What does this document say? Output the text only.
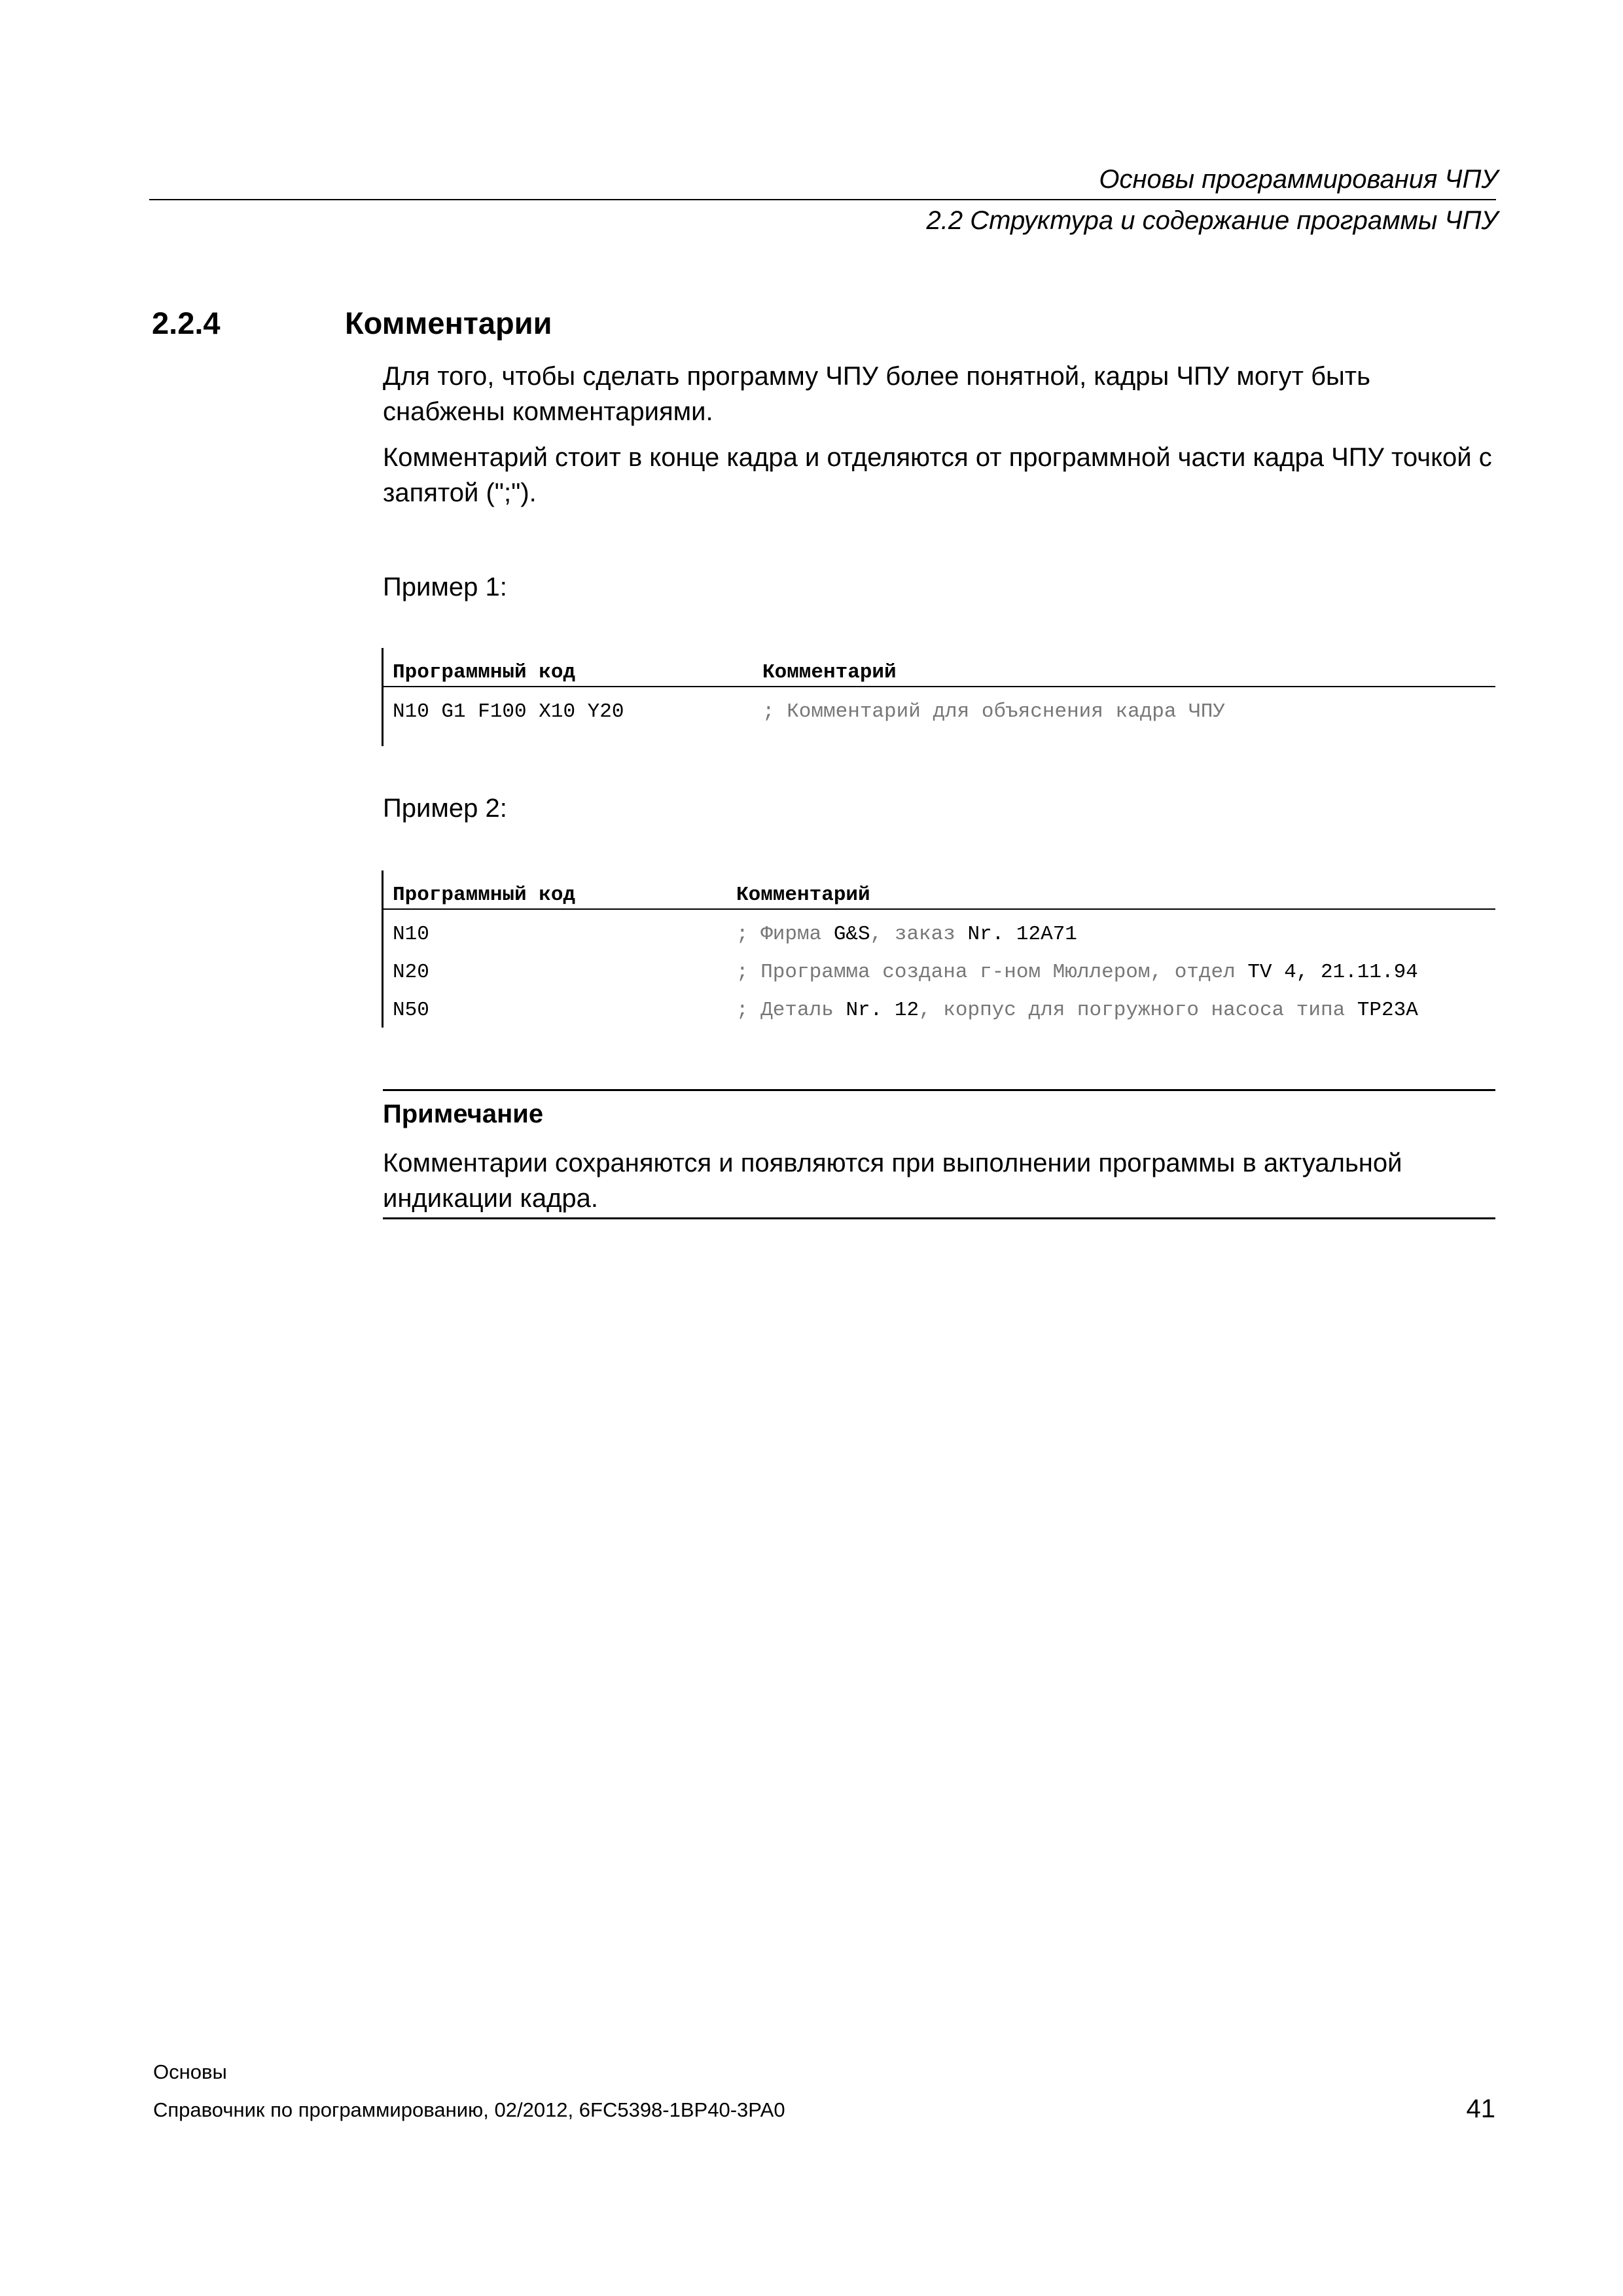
Основы программирования ЧПУ
2.2 Структура и содержание программы ЧПУ
2.2.4	Комментарии
Для того, чтобы сделать программу ЧПУ более понятной, кадры ЧПУ могут быть снабжены комментариями.
Комментарий стоит в конце кадра и отделяются от программной части кадра ЧПУ точкой с запятой (";").
Пример 1:
Программный код	Комментарий
N10 G1 F100 X10 Y20	; Комментарий для объяснения кадра ЧПУ
Пример 2:
Программный код	Комментарий
N10	; Фирма G&S, заказ Nr. 12A71
N20	; Программа создана г-ном Мюллером, отдел TV 4, 21.11.94
N50	; Деталь Nr. 12, корпус для погружного насоса типа TP23A
Примечание
Комментарии сохраняются и появляются при выполнении программы в актуальной индикации кадра.
Основы
Справочник по программированию, 02/2012, 6FC5398-1BP40-3PA0	41
